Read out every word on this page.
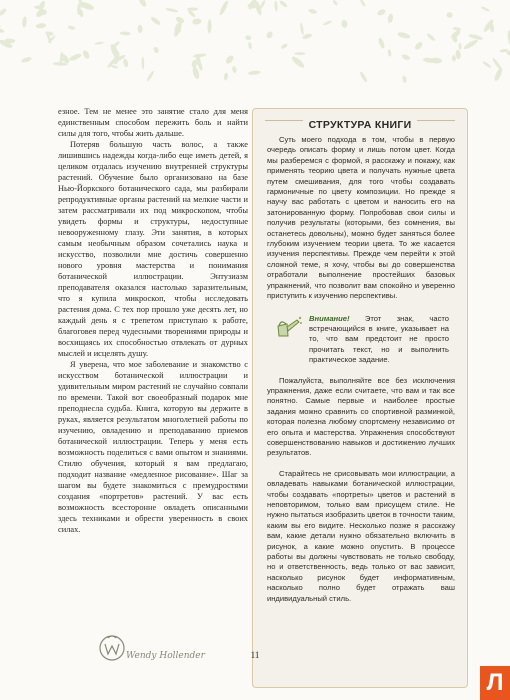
езное. Тем не менее это занятие стало для меня единственным способом пережить боль и найти силы для того, чтобы жить дальше.

Потеряв большую часть волос, а также лишившись надежды когда-либо еще иметь детей, я целиком отдалась изучению внутренней структуры растений. Обучение было организовано на базе Нью-Йоркского ботанического сада, мы разбирали репродуктивные органы растений на мелкие части и затем рассматривали их под микроскопом, чтобы увидеть формы и структуры, недоступные невооруженному глазу. Эти занятия, в которых самым необычным образом сочетались наука и искусство, позволили мне достичь совершенно нового уровня мастерства и понимания ботанической иллюстрации. Энтузиазм преподавателя оказался настолько заразительным, что я купила микроскоп, чтобы исследовать растения дома. С тех пор прошло уже десять лет, но каждый день я с трепетом приступаю к работе, благоговея перед чудесными творениями природы и восхищаясь их способностью отвлекать от дурных мыслей и исцелять душу.

Я уверена, что мое заболевание и знакомство с искусством ботанической иллюстрации и удивительным миром растений не случайно совпали по времени. Такой вот своеобразный подарок мне преподнесла судьба. Книга, которую вы держите в руках, является результатом многолетней работы по изучению, овладению и преподаванию приемов ботанической иллюстрации. Теперь у меня есть возможность поделиться с вами опытом и знаниями. Стилю обучения, который я вам предлагаю, подходит название «медленное рисование». Шаг за шагом вы будете знакомиться с премудростями создания «портретов» растений. У вас есть возможность всесторонне овладеть описанными здесь техниками и обрести уверенность в своих силах.

СТРУКТУРА КНИГИ

Суть моего подхода в том, чтобы в первую очередь описать форму и лишь потом цвет. Когда мы разберемся с формой, я расскажу и покажу, как применять теорию цвета и получать нужные цвета путем смешивания, для того чтобы создавать гармоничные по цвету композиции. Но прежде я научу вас работать с цветом и наносить его на затонированную форму. Попробовав свои силы и получив результаты (которыми, без сомнения, вы останетесь довольны), можно будет заняться более глубоким изучением теории цвета. То же касается изучения перспективы. Прежде чем перейти к этой сложной теме, я хочу, чтобы вы до совершенства отработали выполнение простейших базовых упражнений, что позволит вам спокойно и уверенно приступить к изучению перспективы.

Внимание! Этот знак, часто встречающийся в книге, указывает на то, что вам предстоит не просто прочитать текст, но и выполнить практическое задание.

Пожалуйста, выполняйте все без исключения упражнения, даже если считаете, что вам и так все понятно. Самые первые и наиболее простые задания можно сравнить со спортивной разминкой, которая полезна любому спортсмену независимо от его опыта и мастерства. Упражнения способствуют совершенствованию навыков и достижению лучших результатов.

Старайтесь не срисовывать мои иллюстрации, а овладевать навыками ботанической иллюстрации, чтобы создавать «портреты» цветов и растений в неповторимом, только вам присущем стиле. Не нужно пытаться изобразить цветок в точности таким, каким вы его видите. Несколько позже я расскажу вам, какие детали нужно обязательно включить в рисунок, а какие можно опустить. В процессе работы вы должны чувствовать не только свободу, но и ответственность, ведь только от вас зависит, насколько рисунок будет информативным, насколько полно будет отражать ваш индивидуальный стиль.

Wendy Hollender	11
Л
